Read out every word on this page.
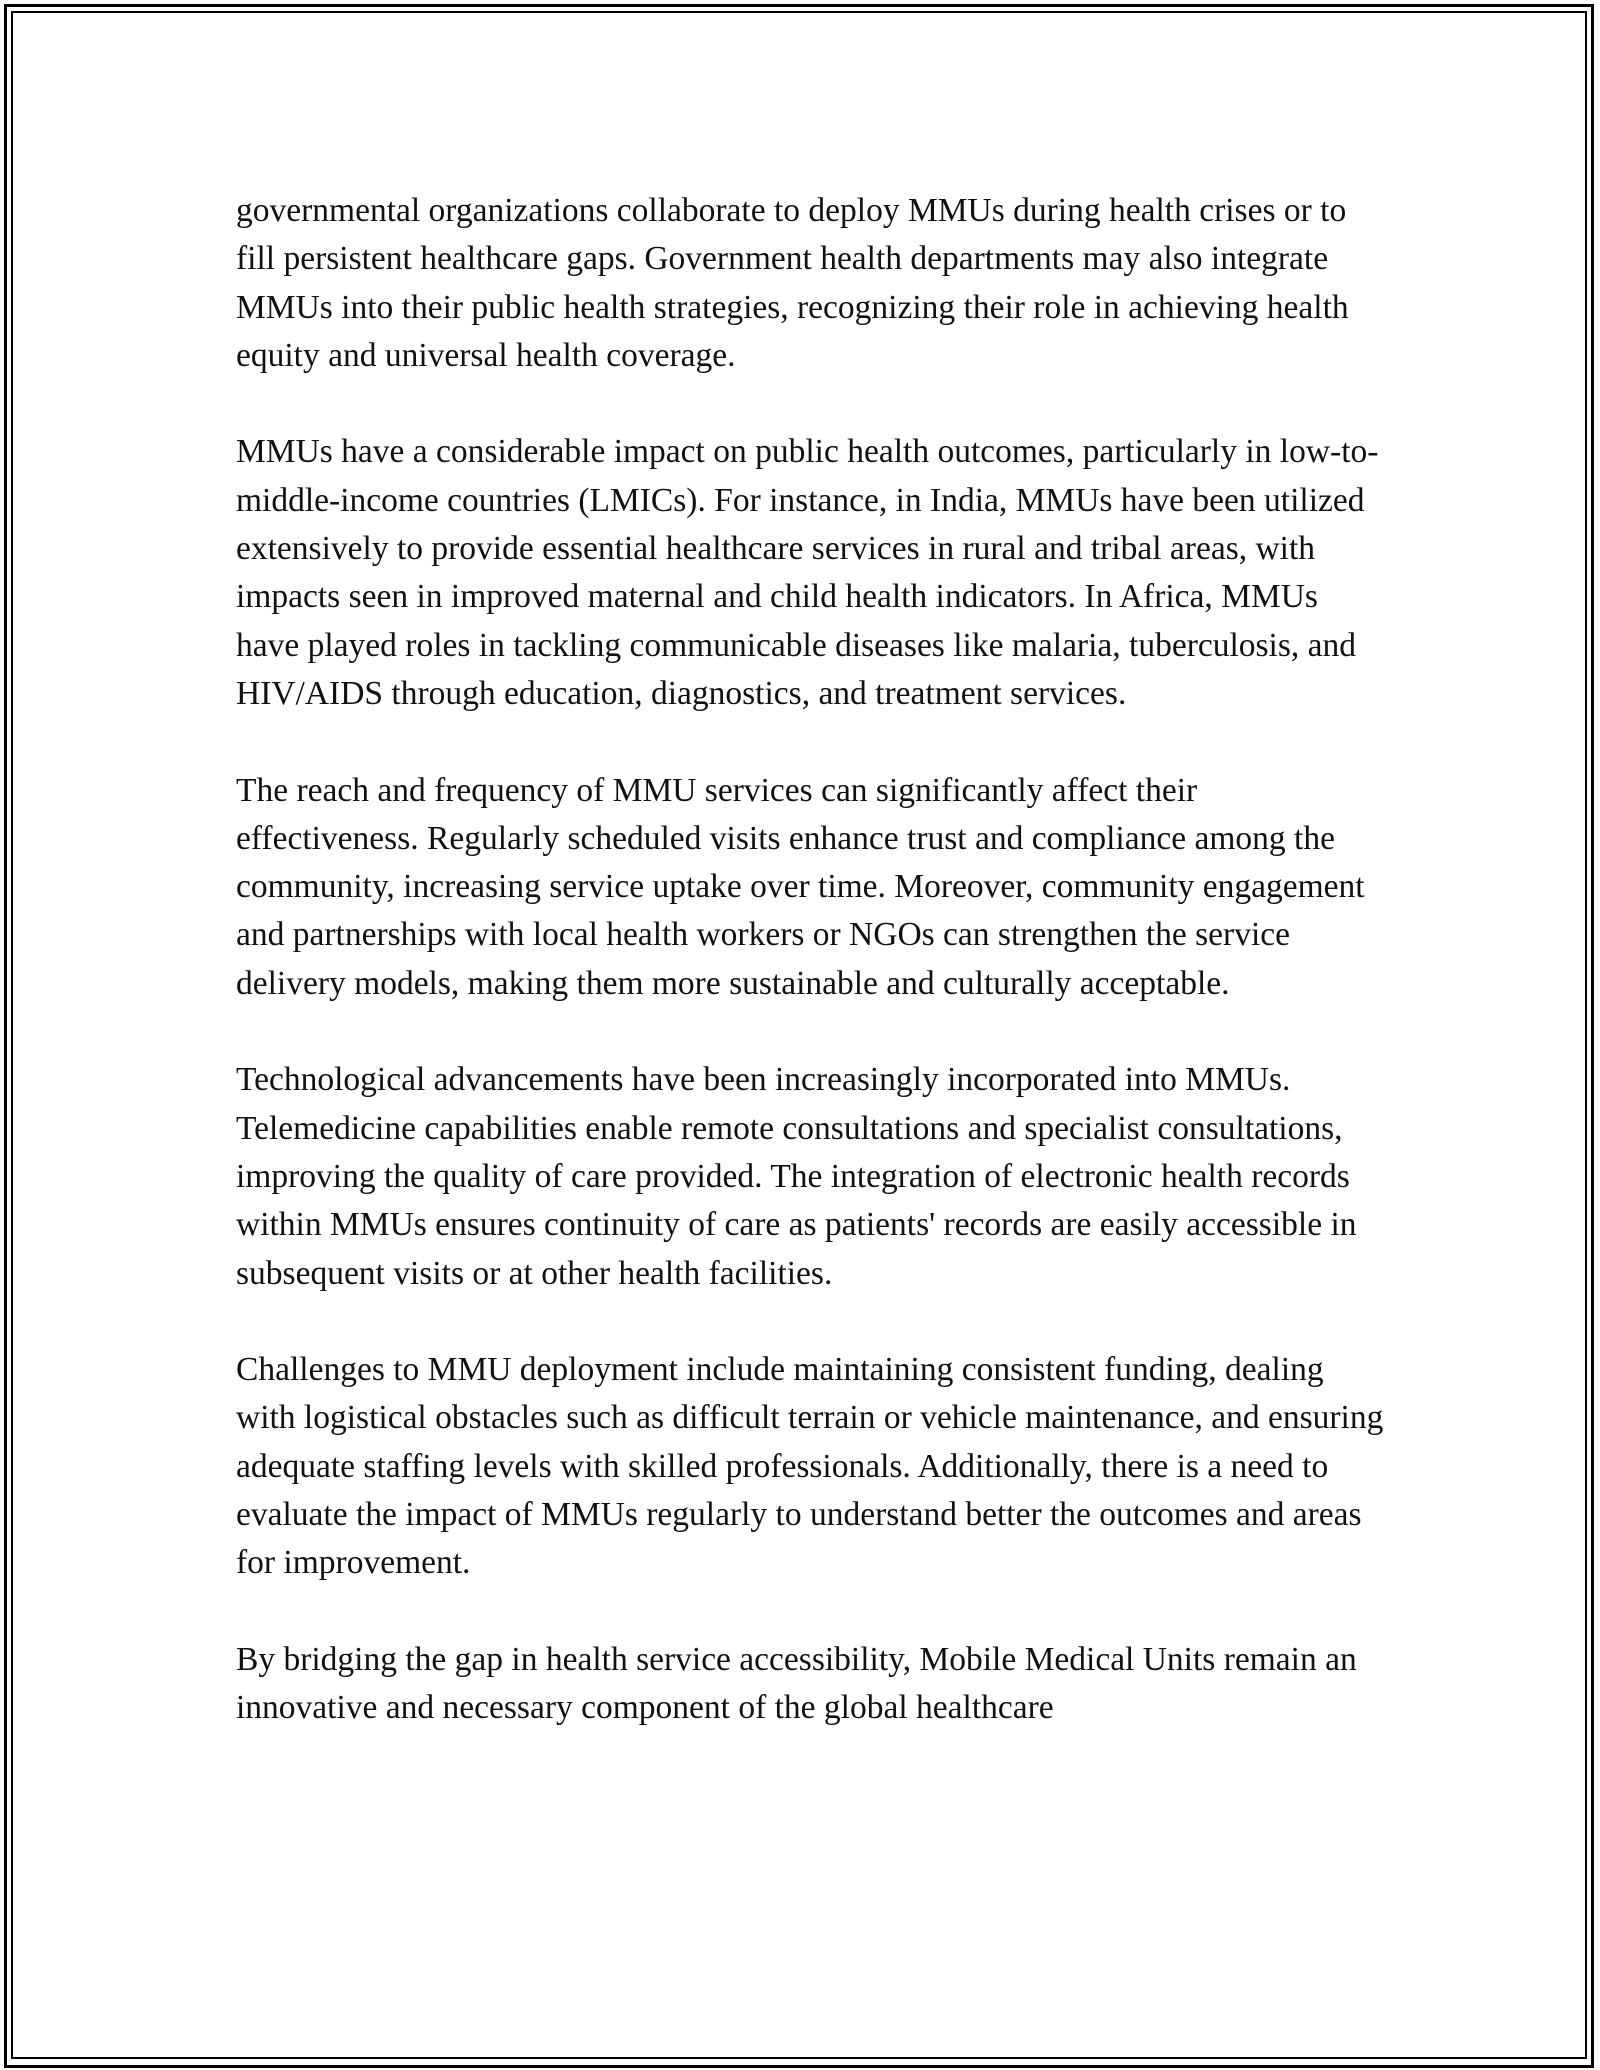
governmental organizations collaborate to deploy MMUs during health crises or to fill persistent healthcare gaps. Government health departments may also integrate MMUs into their public health strategies, recognizing their role in achieving health equity and universal health coverage.

MMUs have a considerable impact on public health outcomes, particularly in low-to-middle-income countries (LMICs). For instance, in India, MMUs have been utilized extensively to provide essential healthcare services in rural and tribal areas, with impacts seen in improved maternal and child health indicators. In Africa, MMUs have played roles in tackling communicable diseases like malaria, tuberculosis, and HIV/AIDS through education, diagnostics, and treatment services.

The reach and frequency of MMU services can significantly affect their effectiveness. Regularly scheduled visits enhance trust and compliance among the community, increasing service uptake over time. Moreover, community engagement and partnerships with local health workers or NGOs can strengthen the service delivery models, making them more sustainable and culturally acceptable.

Technological advancements have been increasingly incorporated into MMUs. Telemedicine capabilities enable remote consultations and specialist consultations, improving the quality of care provided. The integration of electronic health records within MMUs ensures continuity of care as patients' records are easily accessible in subsequent visits or at other health facilities.

Challenges to MMU deployment include maintaining consistent funding, dealing with logistical obstacles such as difficult terrain or vehicle maintenance, and ensuring adequate staffing levels with skilled professionals. Additionally, there is a need to evaluate the impact of MMUs regularly to understand better the outcomes and areas for improvement.

By bridging the gap in health service accessibility, Mobile Medical Units remain an innovative and necessary component of the global healthcare
